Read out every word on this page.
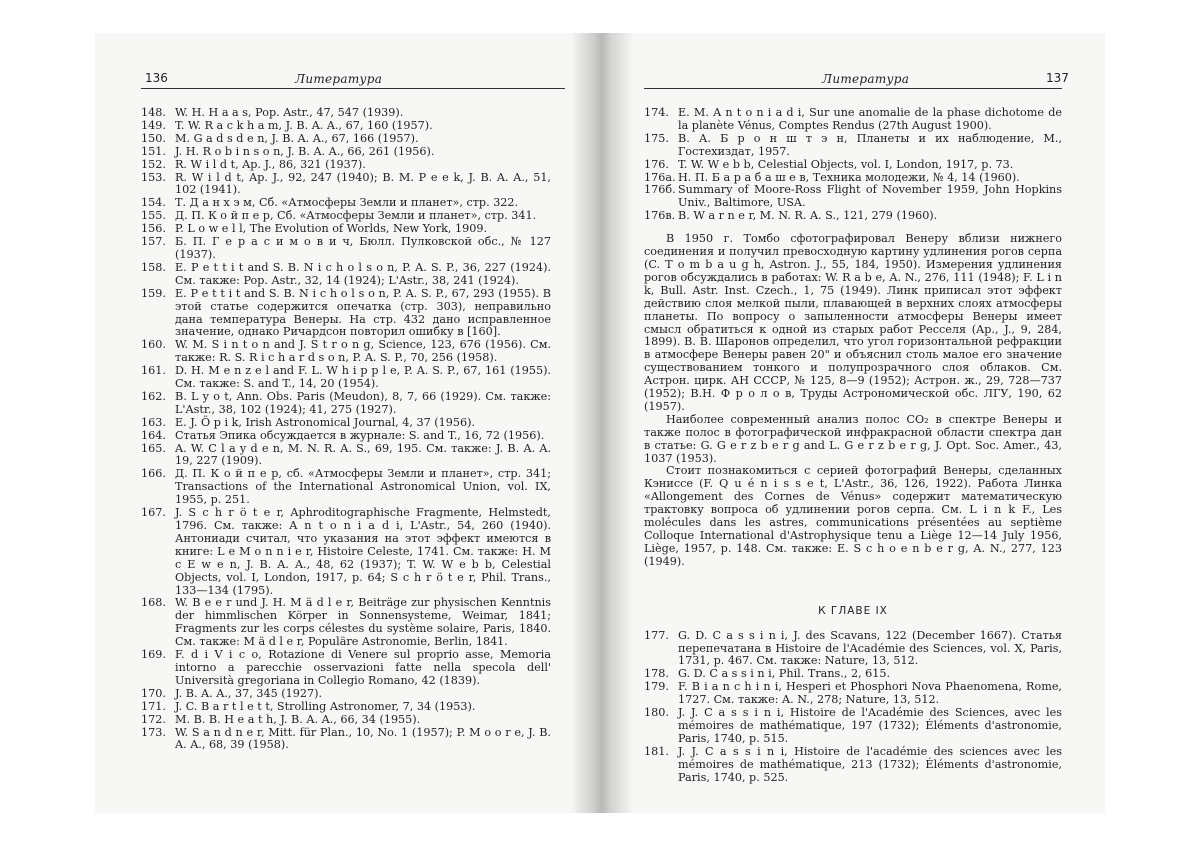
136	Литература
148. W. H. H a a s, Pop. Astr., 47, 547 (1939).
149. T. W. R a c k h a m, J. B. A. A., 67, 160 (1957).
150. M. G a d s d e n, J. B. A. A., 67, 166 (1957).
151. J. H. R o b i n s o n, J. B. A. A., 66, 261 (1956).
152. R. W i l d t, Ap. J., 86, 321 (1937).
153. R. W i l d t, Ap. J., 92, 247 (1940); B. M. P e e k, J. B. A. A., 51, 102 (1941).
154. Т. Д а н х э м, Сб. «Атмосферы Земли и планет», стр. 322.
155. Д. П. К о й п е р, Сб. «Атмосферы Земли и планет», стр. 341.
156. P. L o w e l l, The Evolution of Worlds, New York, 1909.
157. Б. П. Г е р а с и м о в и ч, Бюлл. Пулковской обс., № 127 (1937).
158. E. P e t t i t and S. B. N i c h o l s o n, P. A. S. P., 36, 227 (1924). См. также: Pop. Astr., 32, 14 (1924); L'Astr., 38, 241 (1924).
159. E. P e t t i t and S. B. N i c h o l s o n, P. A. S. P., 67, 293 (1955). В этой статье содержится опечатка (стр. 303), неправильно дана температура Венеры. На стр. 432 дано исправленное значение, однако Ричардсон повторил ошибку в [160].
160. W. M. S i n t o n and J. S t r o n g, Science, 123, 676 (1956). См. также: R. S. R i c h a r d s o n, P. A. S. P., 70, 256 (1958).
161. D. H. M e n z e l and F. L. W h i p p l e, P. A. S. P., 67, 161 (1955). См. также: S. and T., 14, 20 (1954).
162. B. L y o t, Ann. Obs. Paris (Meudon), 8, 7, 66 (1929). См. также: L'Astr., 38, 102 (1924); 41, 275 (1927).
163. E. J. Ö p i k, Irish Astronomical Journal, 4, 37 (1956).
164. Статья Эпика обсуждается в журнале: S. and T., 16, 72 (1956).
165. A. W. C l a y d e n, M. N. R. A. S., 69, 195. См. также: J. B. A. A. 19, 227 (1909).
166. Д. П. К о й п е р, сб. «Атмосферы Земли и планет», стр. 341; Transactions of the International Astronomical Union, vol. IX, 1955, p. 251.
167. J. S c h r ö t e r, Aphroditographische Fragmente, Helmstedt, 1796. См. также: A n t o n i a d i, L'Astr., 54, 260 (1940). Антониади считал, что указания на этот эффект имеются в книге: L e M o n n i e r, Histoire Celeste, 1741. См. также: H. M c E w e n, J. B. A. A., 48, 62 (1937); T. W. W e b b, Celestial Objects, vol. I, London, 1917, p. 64; S c h r ö t e r, Phil. Trans., 133—134 (1795).
168. W. B e e r und J. H. M ä d l e r, Beiträge zur physischen Kenntnis der himmlischen Körper in Sonnensysteme, Weimar, 1841; Fragments zur les corps célestes du système solaire, Paris, 1840. См. также: M ä d l e r, Populäre Astronomie, Berlin, 1841.
169. F. d i V i c o, Rotazione di Venere sul proprio asse, Memoria intorno a parecchie osservazioni fatte nella specola dell' Università gregoriana in Collegio Romano, 42 (1839).
170. J. B. A. A., 37, 345 (1927).
171. J. C. B a r t l e t t, Strolling Astronomer, 7, 34 (1953).
172. M. B. B. H e a t h, J. B. A. A., 66, 34 (1955).
173. W. S a n d n e r, Mitt. für Plan., 10, No. 1 (1957); P. M o o r e, J. B. A. A., 68, 39 (1958).
Литература	137
174. E. M. A n t o n i a d i, Sur une anomalie de la phase dichotome de la planète Vénus, Comptes Rendus (27th August 1900).
175. В. А. Б р о н ш т э н, Планеты и их наблюдение, М., Гостехиздат, 1957.
176. T. W. W e b b, Celestial Objects, vol. I, London, 1917, p. 73.
176а. Н. П. Б а р а б а ш е в, Техника молодежи, № 4, 14 (1960).
176б. Summary of Moore-Ross Flight of November 1959, John Hopkins Univ., Baltimore, USA.
176в. B. W a r n e r, M. N. R. A. S., 121, 279 (1960).

В 1950 г. Томбо сфотографировал Венеру вблизи нижнего соединения и получил превосходную картину удлинения рогов серпа (C. T o m b a u g h, Astron. J., 55, 184, 1950). Измерения удлинения рогов обсуждались в работах: W. R a b e, A. N., 276, 111 (1948); F. L i n k, Bull. Astr. Inst. Czech., 1, 75 (1949). Линк приписал этот эффект действию слоя мелкой пыли, плавающей в верхних слоях атмосферы планеты. По вопросу о запыленности атмосферы Венеры имеет смысл обратиться к одной из старых работ Ресселя (Ap., J., 9, 284, 1899). В. В. Шаронов определил, что угол горизонтальной рефракции в атмосфере Венеры равен 20" и объяснил столь малое его значение существованием тонкого и полупрозрачного слоя облаков. См. Астрон. цирк. АН СССР, № 125, 8—9 (1952); Астрон. ж., 29, 728—737 (1952); В.Н. Ф р о л о в, Труды Астрономической обс. ЛГУ, 190, 62 (1957).

Наиболее современный анализ полос CO₂ в спектре Венеры и также полос в фотографической инфракрасной области спектра дан в статье: G. G e r z b e r g and L. G e r z b e r g, J. Opt. Soc. Amer., 43, 1037 (1953).

Стоит познакомиться с серией фотографий Венеры, сделанных Кэниссе (F. Q u é n i s s e t, L'Astr., 36, 126, 1922). Работа Линка «Allongement des Cornes de Vénus» содержит математическую трактовку вопроса об удлинении рогов серпа. См. L i n k F., Les molécules dans les astres, communications présentées au septième Colloque International d'Astrophysique tenu a Liège 12—14 July 1956, Liège, 1957, p. 148. См. также: E. S c h o e n b e r g, A. N., 277, 123 (1949).

К ГЛАВЕ IX
177. G. D. C a s s i n i, J. des Scavans, 122 (December 1667). Статья перепечатана в Histoire de l'Académie des Sciences, vol. X, Paris, 1731, p. 467. См. также: Nature, 13, 512.
178. G. D. C a s s i n i, Phil. Trans., 2, 615.
179. F. B i a n c h i n i, Hesperi et Phosphori Nova Phaenomena, Rome, 1727. См. также: A. N., 278; Nature, 13, 512.
180. J. J. C a s s i n i, Histoire de l'Académie des Sciences, avec les mémoires de mathématique, 197 (1732); Éléments d'astronomie, Paris, 1740, p. 515.
181. J. J. C a s s i n i, Histoire de l'académie des sciences avec les mémoires de mathématique, 213 (1732); Éléments d'astronomie, Paris, 1740, p. 525.
